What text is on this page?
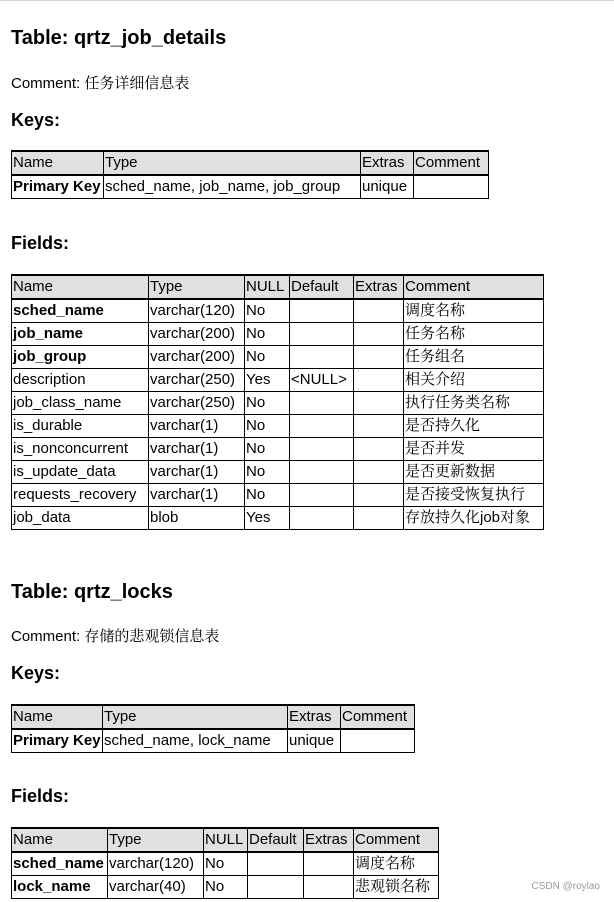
Table: qrtz_job_details

Comment: 任务详细信息表

Keys:
Name	Type	Extras	Comment
Primary Key	sched_name, job_name, job_group	unique	
Fields:
Name	Type	NULL	Default	Extras	Comment
sched_name	varchar(120)	No			调度名称
job_name	varchar(200)	No			任务名称
job_group	varchar(200)	No			任务组名
description	varchar(250)	Yes	<NULL>		相关介绍
job_class_name	varchar(250)	No			执行任务类名称
is_durable	varchar(1)	No			是否持久化
is_nonconcurrent	varchar(1)	No			是否并发
is_update_data	varchar(1)	No			是否更新数据
requests_recovery	varchar(1)	No			是否接受恢复执行
job_data	blob	Yes			存放持久化job对象
Table: qrtz_locks

Comment: 存储的悲观锁信息表

Keys:
Name	Type	Extras	Comment
Primary Key	sched_name, lock_name	unique	
Fields:
Name	Type	NULL	Default	Extras	Comment
sched_name	varchar(120)	No			调度名称
lock_name	varchar(40)	No			悲观锁名称	CSDN @roylao
